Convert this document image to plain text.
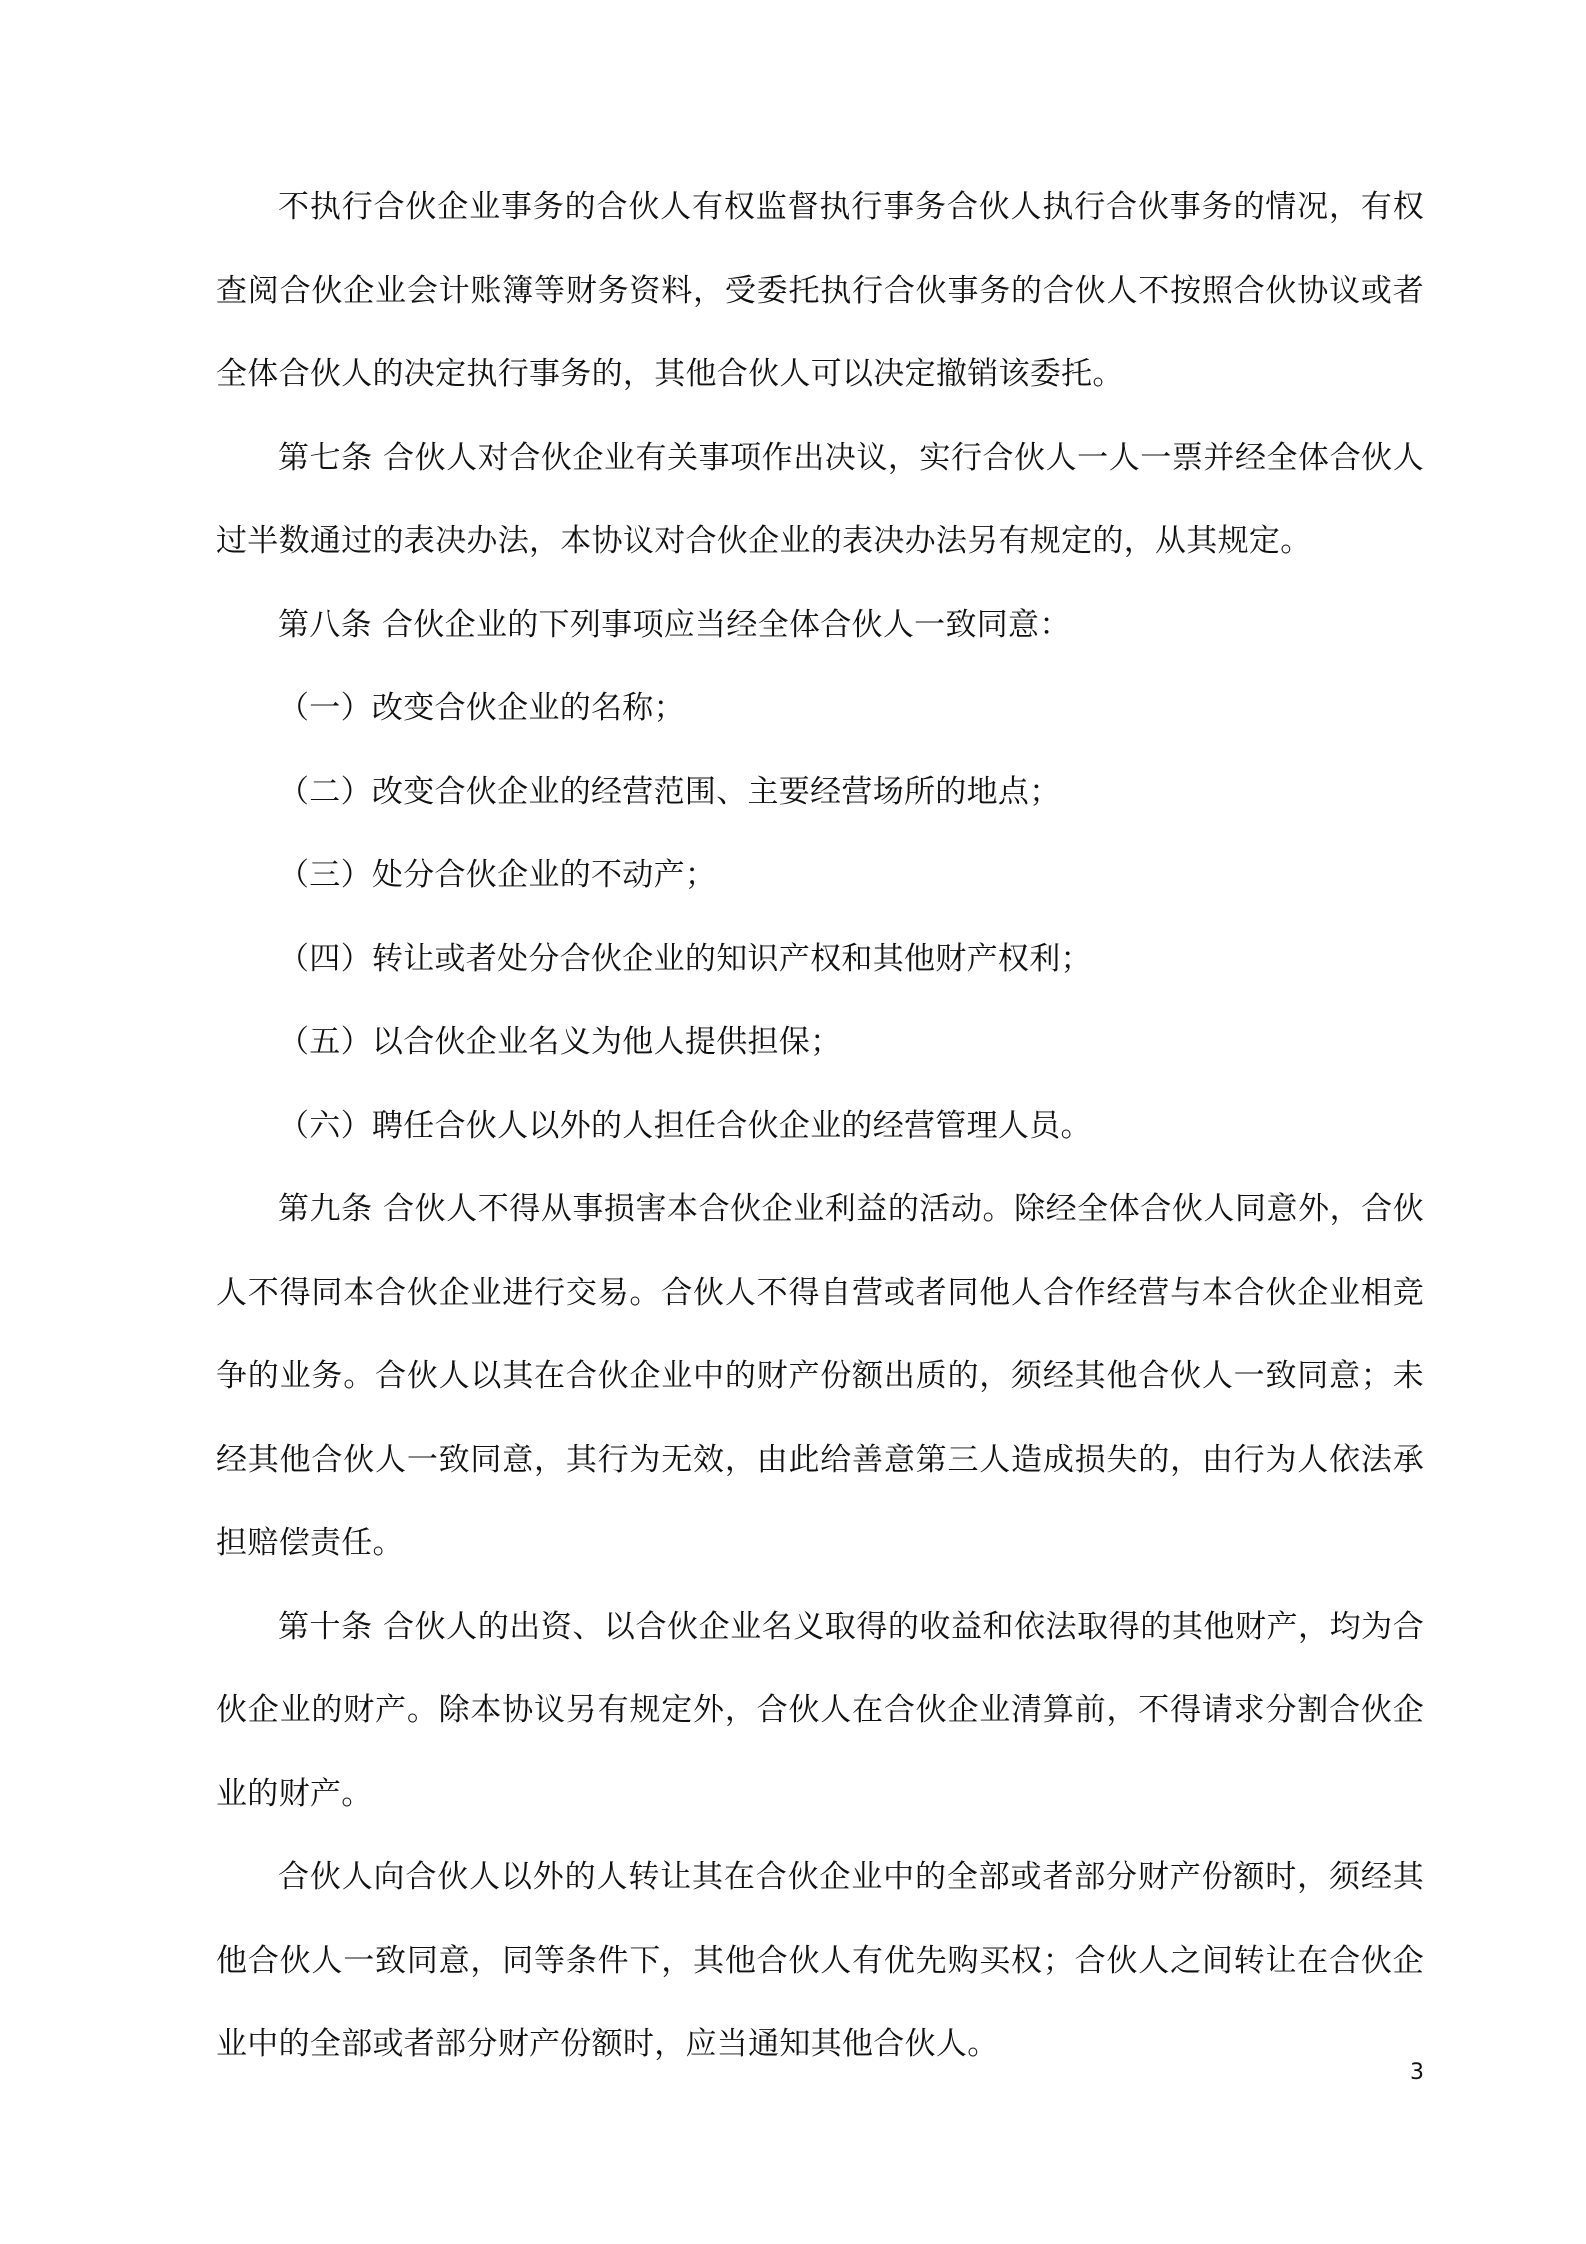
不执行合伙企业事务的合伙人有权监督执行事务合伙人执行合伙事务的情况，有权查阅合伙企业会计账簿等财务资料，受委托执行合伙事务的合伙人不按照合伙协议或者全体合伙人的决定执行事务的，其他合伙人可以决定撤销该委托。

第七条 合伙人对合伙企业有关事项作出决议，实行合伙人一人一票并经全体合伙人过半数通过的表决办法，本协议对合伙企业的表决办法另有规定的，从其规定。

第八条 合伙企业的下列事项应当经全体合伙人一致同意：

（一）改变合伙企业的名称；

（二）改变合伙企业的经营范围、主要经营场所的地点；

（三）处分合伙企业的不动产；

（四）转让或者处分合伙企业的知识产权和其他财产权利；

（五）以合伙企业名义为他人提供担保；

（六）聘任合伙人以外的人担任合伙企业的经营管理人员。

第九条 合伙人不得从事损害本合伙企业利益的活动。除经全体合伙人同意外，合伙人不得同本合伙企业进行交易。合伙人不得自营或者同他人合作经营与本合伙企业相竞争的业务。合伙人以其在合伙企业中的财产份额出质的，须经其他合伙人一致同意；未经其他合伙人一致同意，其行为无效，由此给善意第三人造成损失的，由行为人依法承担赔偿责任。

第十条 合伙人的出资、以合伙企业名义取得的收益和依法取得的其他财产，均为合伙企业的财产。除本协议另有规定外，合伙人在合伙企业清算前，不得请求分割合伙企业的财产。

合伙人向合伙人以外的人转让其在合伙企业中的全部或者部分财产份额时，须经其他合伙人一致同意，同等条件下，其他合伙人有优先购买权；合伙人之间转让在合伙企业中的全部或者部分财产份额时，应当通知其他合伙人。

3
